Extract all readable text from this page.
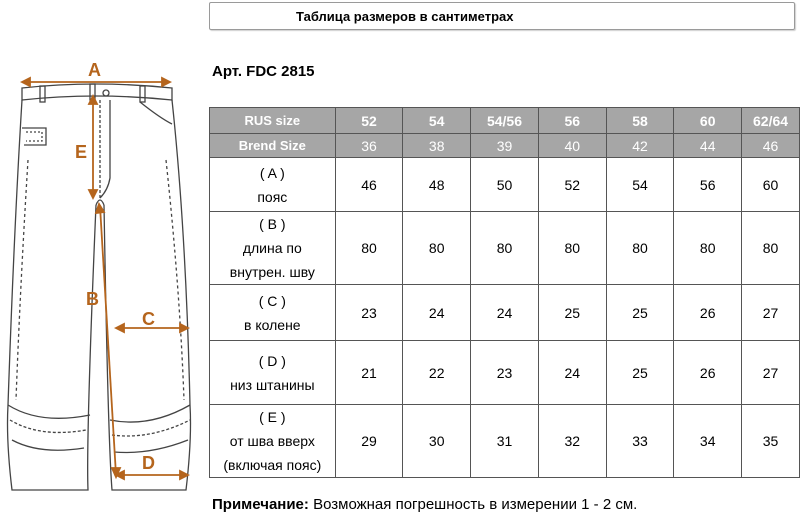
Таблица размеров в сантиметрах
Арт. FDC 2815
A
E
B
C
D
RUS size	52	54	54/56	56	58	60	62/64
Brend Size	36	38	39	40	42	44	46

( A )
пояс	46	48	50	52	54	56	60

( B )
длина по
внутрен. шву	80	80	80	80	80	80	80

( C )
в колене	23	24	24	25	25	26	27

( D )
низ штанины	21	22	23	24	25	26	27

( E )
от шва вверх
(включая пояс)	29	30	31	32	33	34	35
Примечание: Возможная погрешность в измерении 1 - 2 см.
